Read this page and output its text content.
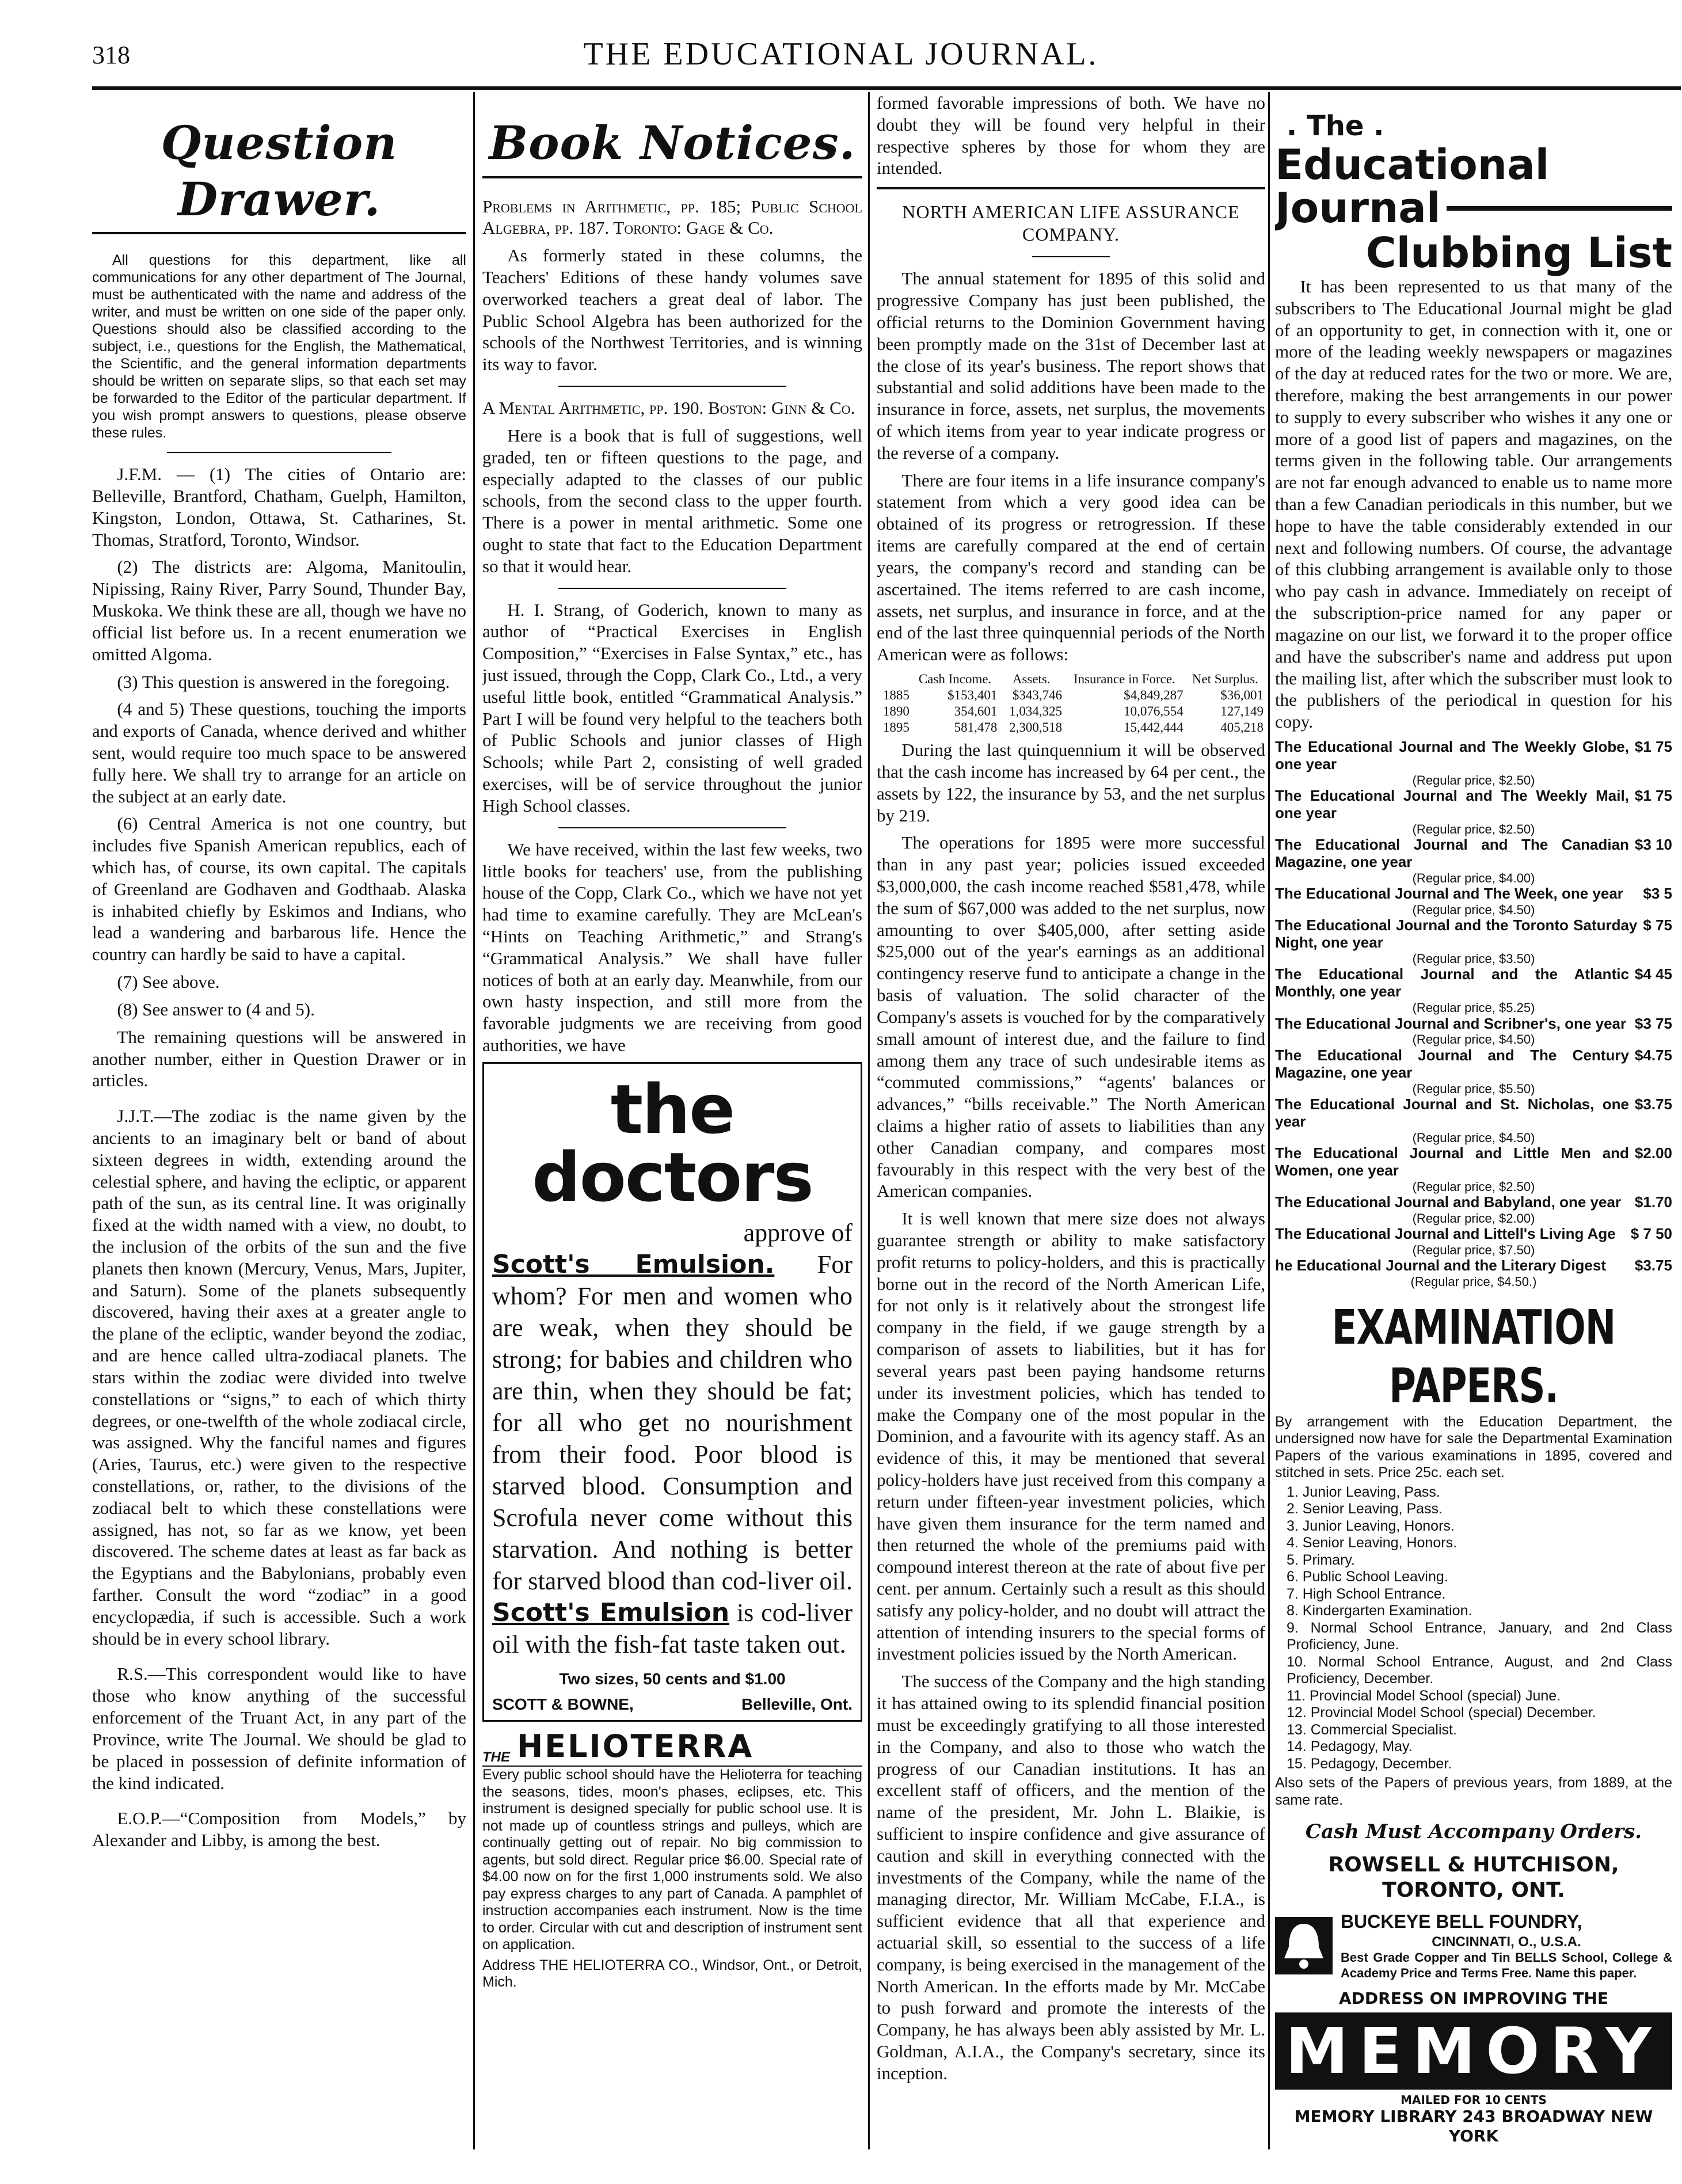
318	THE EDUCATIONAL JOURNAL.
Question Drawer.

All questions for this department, like all communications for any other department of The Journal, must be authenticated with the name and address of the writer, and must be written on one side of the paper only. Questions should also be classified according to the subject, i.e., questions for the English, the Mathematical, the Scientific, and the general information departments should be written on separate slips, so that each set may be forwarded to the Editor of the particular department. If you wish prompt answers to questions, please observe these rules.

J.F.M. — (1) The cities of Ontario are: Belleville, Brantford, Chatham, Guelph, Hamilton, Kingston, London, Ottawa, St. Catharines, St. Thomas, Stratford, Toronto, Windsor.

(2) The districts are: Algoma, Manitoulin, Nipissing, Rainy River, Parry Sound, Thunder Bay, Muskoka. We think these are all, though we have no official list before us. In a recent enumeration we omitted Algoma.

(3) This question is answered in the foregoing.

(4 and 5) These questions, touching the imports and exports of Canada, whence derived and whither sent, would require too much space to be answered fully here. We shall try to arrange for an article on the subject at an early date.

(6) Central America is not one country, but includes five Spanish American republics, each of which has, of course, its own capital. The capitals of Greenland are Godhaven and Godthaab. Alaska is inhabited chiefly by Eskimos and Indians, who lead a wandering and barbarous life. Hence the country can hardly be said to have a capital.

(7) See above.

(8) See answer to (4 and 5).

The remaining questions will be answered in another number, either in Question Drawer or in articles.

J.J.T.—The zodiac is the name given by the ancients to an imaginary belt or band of about sixteen degrees in width, extending around the celestial sphere, and having the ecliptic, or apparent path of the sun, as its central line. It was originally fixed at the width named with a view, no doubt, to the inclusion of the orbits of the sun and the five planets then known (Mercury, Venus, Mars, Jupiter, and Saturn). Some of the planets subsequently discovered, having their axes at a greater angle to the plane of the ecliptic, wander beyond the zodiac, and are hence called ultra-zodiacal planets. The stars within the zodiac were divided into twelve constellations or “signs,” to each of which thirty degrees, or one-twelfth of the whole zodiacal circle, was assigned. Why the fanciful names and figures (Aries, Taurus, etc.) were given to the respective constellations, or, rather, to the divisions of the zodiacal belt to which these constellations were assigned, has not, so far as we know, yet been discovered. The scheme dates at least as far back as the Egyptians and the Babylonians, probably even farther. Consult the word “zodiac” in a good encyclopædia, if such is accessible. Such a work should be in every school library.

R.S.—This correspondent would like to have those who know anything of the successful enforcement of the Truant Act, in any part of the Province, write The Journal. We should be glad to be placed in possession of definite information of the kind indicated.

E.O.P.—“Composition from Models,” by Alexander and Libby, is among the best.

Book Notices.

Problems in Arithmetic, pp. 185; Public School Algebra, pp. 187. Toronto: Gage & Co.

As formerly stated in these columns, the Teachers' Editions of these handy volumes save overworked teachers a great deal of labor. The Public School Algebra has been authorized for the schools of the Northwest Territories, and is winning its way to favor.

A Mental Arithmetic, pp. 190. Boston: Ginn & Co.

Here is a book that is full of suggestions, well graded, ten or fifteen questions to the page, and especially adapted to the classes of our public schools, from the second class to the upper fourth. There is a power in mental arithmetic. Some one ought to state that fact to the Education Department so that it would hear.

H. I. Strang, of Goderich, known to many as author of “Practical Exercises in English Composition,” “Exercises in False Syntax,” etc., has just issued, through the Copp, Clark Co., Ltd., a very useful little book, entitled “Grammatical Analysis.” Part I will be found very helpful to the teachers both of Public Schools and junior classes of High Schools; while Part 2, consisting of well graded exercises, will be of service throughout the junior High School classes.

We have received, within the last few weeks, two little books for teachers' use, from the publishing house of the Copp, Clark Co., which we have not yet had time to examine carefully. They are McLean's “Hints on Teaching Arithmetic,” and Strang's “Grammatical Analysis.” We shall have fuller notices of both at an early day. Meanwhile, from our own hasty inspection, and still more from the favorable judgments we are receiving from good authorities, we have

the doctors
approve of
Scott's Emulsion. For whom? For men and women who are weak, when they should be strong; for babies and children who are thin, when they should be fat; for all who get no nourishment from their food. Poor blood is starved blood. Consumption and Scrofula never come without this starvation. And nothing is better for starved blood than cod-liver oil. Scott's Emulsion is cod-liver oil with the fish-fat taste taken out.
Two sizes, 50 cents and $1.00
SCOTT & BOWNE,	Belleville, Ont.
THE HELIOTERRA
Every public school should have the Helioterra for teaching the seasons, tides, moon's phases, eclipses, etc. This instrument is designed specially for public school use. It is not made up of countless strings and pulleys, which are continually getting out of repair. No big commission to agents, but sold direct. Regular price $6.00. Special rate of $4.00 now on for the first 1,000 instruments sold. We also pay express charges to any part of Canada. A pamphlet of instruction accompanies each instrument. Now is the time to order. Circular with cut and description of instrument sent on application.
Address THE HELIOTERRA CO., Windsor, Ont., or Detroit, Mich.

formed favorable impressions of both. We have no doubt they will be found very helpful in their respective spheres by those for whom they are intended.

NORTH AMERICAN LIFE ASSURANCE COMPANY.

The annual statement for 1895 of this solid and progressive Company has just been published, the official returns to the Dominion Government having been promptly made on the 31st of December last at the close of its year's business. The report shows that substantial and solid additions have been made to the insurance in force, assets, net surplus, the movements of which items from year to year indicate progress or the reverse of a company.

There are four items in a life insurance company's statement from which a very good idea can be obtained of its progress or retrogression. If these items are carefully compared at the end of certain years, the company's record and standing can be ascertained. The items referred to are cash income, assets, net surplus, and insurance in force, and at the end of the last three quinquennial periods of the North American were as follows:

	Cash Income.	Assets.	Insurance in Force.	Net Surplus.
1885	$153,401	$343,746	$4,849,287	$36,001
1890	354,601	1,034,325	10,076,554	127,149
1895	581,478	2,300,518	15,442,444	405,218

During the last quinquennium it will be observed that the cash income has increased by 64 per cent., the assets by 122, the insurance by 53, and the net surplus by 219.

The operations for 1895 were more successful than in any past year; policies issued exceeded $3,000,000, the cash income reached $581,478, while the sum of $67,000 was added to the net surplus, now amounting to over $405,000, after setting aside $25,000 out of the year's earnings as an additional contingency reserve fund to anticipate a change in the basis of valuation. The solid character of the Company's assets is vouched for by the comparatively small amount of interest due, and the failure to find among them any trace of such undesirable items as “commuted commissions,” “agents' balances or advances,” “bills receivable.” The North American claims a higher ratio of assets to liabilities than any other Canadian company, and compares most favourably in this respect with the very best of the American companies.

It is well known that mere size does not always guarantee strength or ability to make satisfactory profit returns to policy-holders, and this is practically borne out in the record of the North American Life, for not only is it relatively about the strongest life company in the field, if we gauge strength by a comparison of assets to liabilities, but it has for several years past been paying handsome returns under its investment policies, which has tended to make the Company one of the most popular in the Dominion, and a favourite with its agency staff. As an evidence of this, it may be mentioned that several policy-holders have just received from this company a return under fifteen-year investment policies, which have given them insurance for the term named and then returned the whole of the premiums paid with compound interest thereon at the rate of about five per cent. per annum. Certainly such a result as this should satisfy any policy-holder, and no doubt will attract the attention of intending insurers to the special forms of investment policies issued by the North American.

The success of the Company and the high standing it has attained owing to its splendid financial position must be exceedingly gratifying to all those interested in the Company, and also to those who watch the progress of our Canadian institutions. It has an excellent staff of officers, and the mention of the name of the president, Mr. John L. Blaikie, is sufficient to inspire confidence and give assurance of caution and skill in everything connected with the investments of the Company, while the name of the managing director, Mr. William McCabe, F.I.A., is sufficient evidence that all that experience and actuarial skill, so essential to the success of a life company, is being exercised in the management of the North American. In the efforts made by Mr. McCabe to push forward and promote the interests of the Company, he has always been ably assisted by Mr. L. Goldman, A.I.A., the Company's secretary, since its inception.

. The .
Educational
Journal
Clubbing List

It has been represented to us that many of the subscribers to The Educational Journal might be glad of an opportunity to get, in connection with it, one or more of the leading weekly newspapers or magazines of the day at reduced rates for the two or more. We are, therefore, making the best arrangements in our power to supply to every subscriber who wishes it any one or more of a good list of papers and magazines, on the terms given in the following table. Our arrangements are not far enough advanced to enable us to name more than a few Canadian periodicals in this number, but we hope to have the table considerably extended in our next and following numbers. Of course, the advantage of this clubbing arrangement is available only to those who pay cash in advance. Immediately on receipt of the subscription-price named for any paper or magazine on our list, we forward it to the proper office and have the subscriber's name and address put upon the mailing list, after which the subscriber must look to the publishers of the periodical in question for his copy.

The Educational Journal and The Weekly Globe, one year
$1 75
(Regular price, $2.50)
The Educational Journal and The Weekly Mail, one year
$1 75
(Regular price, $2.50)
The Educational Journal and The Canadian Magazine, one year
$3 10
(Regular price, $4.00)
The Educational Journal and The Week, one year $3 5
(Regular price, $4.50)
The Educational Journal and the Toronto Saturday Night, one year
$ 75
(Regular price, $3.50)
The Educational Journal and the Atlantic Monthly, one year
$4 45
(Regular price, $5.25)
The Educational Journal and Scribner's, one year $3 75
(Regular price, $4.50)
The Educational Journal and The Century Magazine, one year
$4.75
(Regular price, $5.50)
The Educational Journal and St. Nicholas, one year
$3.75
(Regular price, $4.50)
The Educational Journal and Little Men and Women, one year
$2.00
(Regular price, $2.50)
The Educational Journal and Babyland, one year $1.70
(Regular price, $2.00)
The Educational Journal and Littell's Living Age $ 7 50
(Regular price, $7.50)
he Educational Journal and the Literary Digest $3.75
(Regular price, $4.50.)
EXAMINATION PAPERS.
By arrangement with the Education Department, the undersigned now have for sale the Departmental Examination Papers of the various examinations in 1895, covered and stitched in sets. Price 25c. each set.
1. Junior Leaving, Pass.
2. Senior Leaving, Pass.
3. Junior Leaving, Honors.
4. Senior Leaving, Honors.
5. Primary.
6. Public School Leaving.
7. High School Entrance.
8. Kindergarten Examination.
9. Normal School Entrance, January, and 2nd Class Proficiency, June.
10. Normal School Entrance, August, and 2nd Class Proficiency, December.
11. Provincial Model School (special) June.
12. Provincial Model School (special) December.
13. Commercial Specialist.
14. Pedagogy, May.
15. Pedagogy, December.
Also sets of the Papers of previous years, from 1889, at the same rate.
Cash Must Accompany Orders.
ROWSELL & HUTCHISON, TORONTO, ONT.
BUCKEYE BELL FOUNDRY,
CINCINNATI, O., U.S.A.
Best Grade Copper and Tin BELLS School, College & Academy Price and Terms Free. Name this paper.
ADDRESS ON IMPROVING THE
MEMORY
MAILED FOR 10 CENTS
MEMORY LIBRARY 243 BROADWAY NEW YORK
